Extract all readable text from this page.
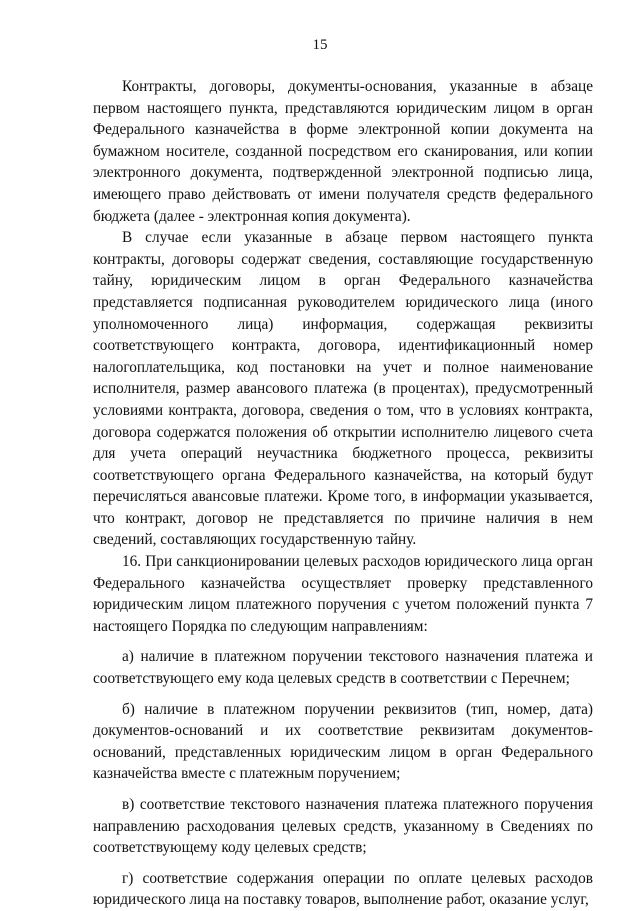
15

Контракты, договоры, документы-основания, указанные в абзаце первом настоящего пункта, представляются юридическим лицом в орган Федерального казначейства в форме электронной копии документа на бумажном носителе, созданной посредством его сканирования, или копии электронного документа, подтвержденной электронной подписью лица, имеющего право действовать от имени получателя средств федерального бюджета (далее - электронная копия документа).

В случае если указанные в абзаце первом настоящего пункта контракты, договоры содержат сведения, составляющие государственную тайну, юридическим лицом в орган Федерального казначейства представляется подписанная руководителем юридического лица (иного уполномоченного лица) информация, содержащая реквизиты соответствующего контракта, договора, идентификационный номер налогоплательщика, код постановки на учет и полное наименование исполнителя, размер авансового платежа (в процентах), предусмотренный условиями контракта, договора, сведения о том, что в условиях контракта, договора содержатся положения об открытии исполнителю лицевого счета для учета операций неучастника бюджетного процесса, реквизиты соответствующего органа Федерального казначейства, на который будут перечисляться авансовые платежи. Кроме того, в информации указывается, что контракт, договор не представляется по причине наличия в нем сведений, составляющих государственную тайну.

16. При санкционировании целевых расходов юридического лица орган Федерального казначейства осуществляет проверку представленного юридическим лицом платежного поручения с учетом положений пункта 7 настоящего Порядка по следующим направлениям:

а) наличие в платежном поручении текстового назначения платежа и соответствующего ему кода целевых средств в соответствии с Перечнем;

б) наличие в платежном поручении реквизитов (тип, номер, дата) документов-оснований и их соответствие реквизитам документов-оснований, представленных юридическим лицом в орган Федерального казначейства вместе с платежным поручением;

в) соответствие текстового назначения платежа платежного поручения направлению расходования целевых средств, указанному в Сведениях по соответствующему коду целевых средств;

г) соответствие содержания операции по оплате целевых расходов юридического лица на поставку товаров, выполнение работ, оказание услуг,
